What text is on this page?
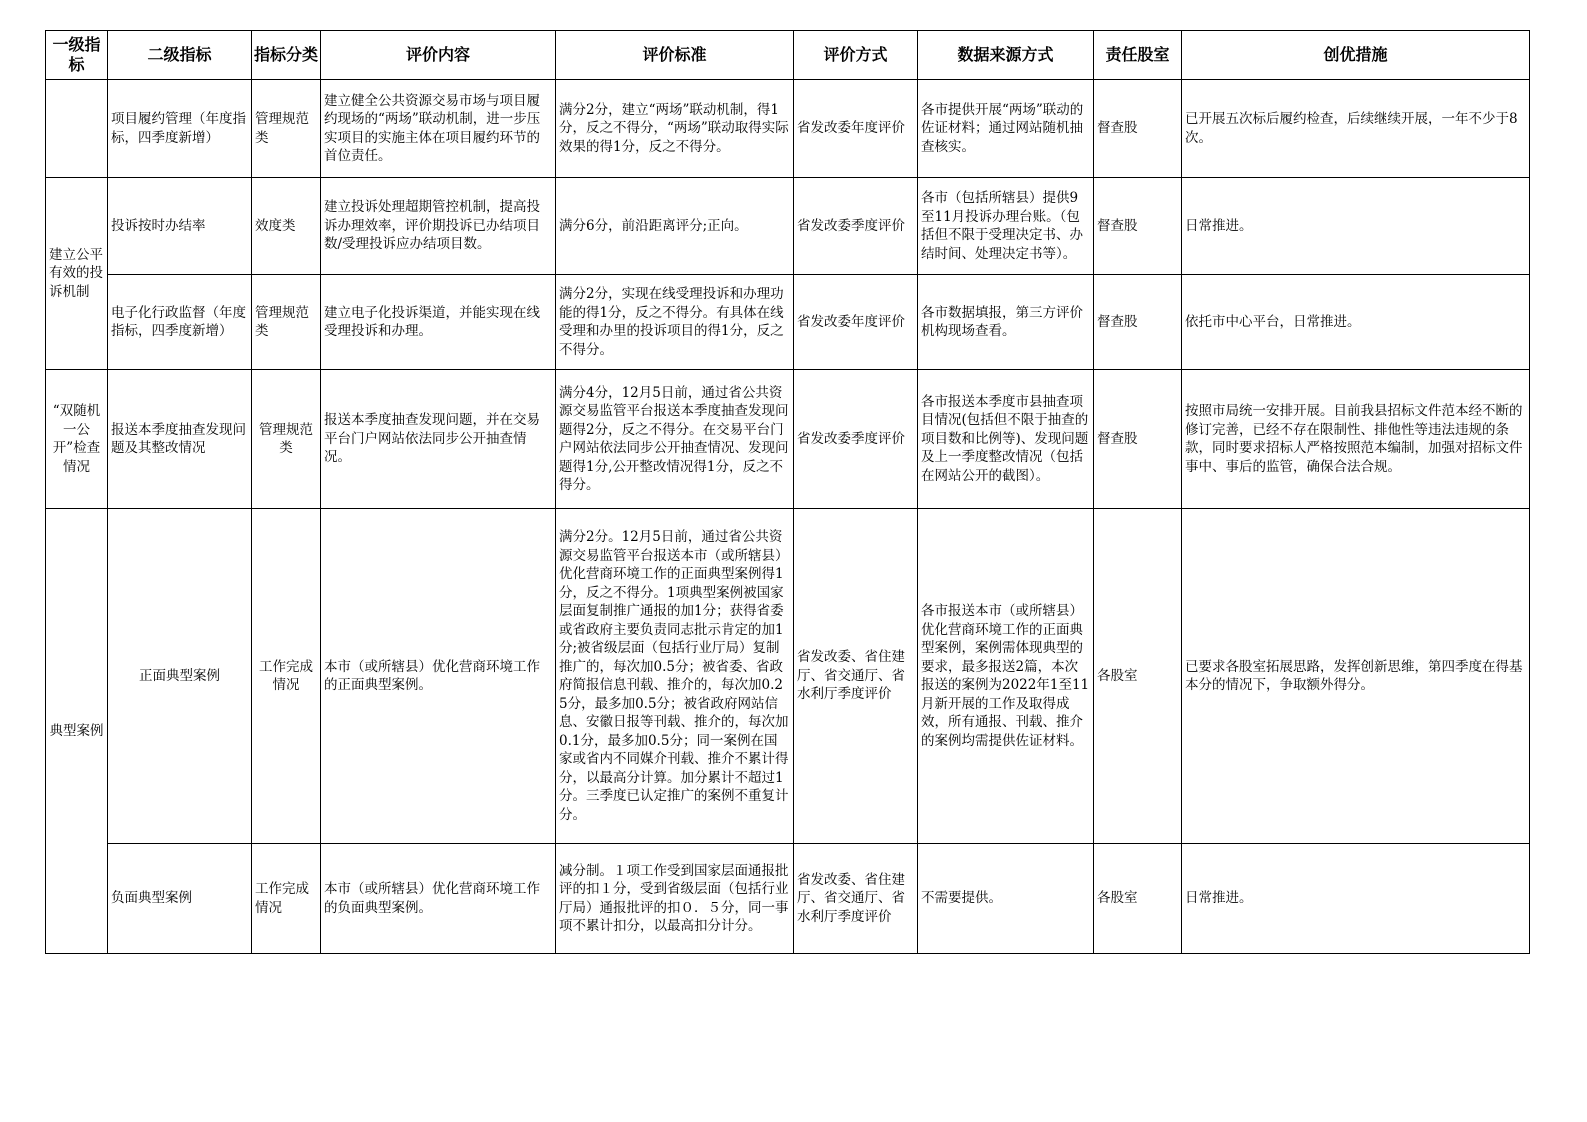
一级指标	二级指标	指标分类	评价内容	评价标准	评价方式	数据来源方式	责任股室	创优措施
	项目履约管理（年度指标，四季度新增）	管理规范类	建立健全公共资源交易市场与项目履约现场的“两场”联动机制，进一步压实项目的实施主体在项目履约环节的首位责任。	满分2分，建立“两场”联动机制，得1分，反之不得分，“两场”联动取得实际效果的得1分，反之不得分。	省发改委年度评价	各市提供开展“两场”联动的佐证材料；通过网站随机抽查核实。	督查股	已开展五次标后履约检查，后续继续开展，一年不少于8次。
建立公平有效的投诉机制	投诉按时办结率	效度类	建立投诉处理超期管控机制，提高投诉办理效率，评价期投诉已办结项目数/受理投诉应办结项目数。	满分6分，前沿距离评分;正向。	省发改委季度评价	各市（包括所辖县）提供9至11月投诉办理台账。（包括但不限于受理决定书、办结时间、处理决定书等）。	督查股	日常推进。
	电子化行政监督（年度指标，四季度新增）	管理规范类	建立电子化投诉渠道，并能实现在线受理投诉和办理。	满分2分，实现在线受理投诉和办理功能的得1分，反之不得分。有具体在线受理和办里的投诉项目的得1分，反之不得分。	省发改委年度评价	各市数据填报，第三方评价机构现场查看。	督查股	依托市中心平台，日常推进。
“双随机一公开”检查情况	报送本季度抽查发现问题及其整改情况	管理规范类	报送本季度抽查发现问题，并在交易平台门户网站依法同步公开抽查情况。	满分4分，12月5日前，通过省公共资源交易监管平台报送本季度抽查发现问题得2分，反之不得分。在交易平台门户网站依法同步公开抽查情况、发现问题得1分,公开整改情况得1分，反之不得分。	省发改委季度评价	各市报送本季度市县抽查项目情况(包括但不限于抽查的项目数和比例等)、发现问题及上一季度整改情况（包括在网站公开的截图）。	督查股	按照市局统一安排开展。目前我县招标文件范本经不断的修订完善，已经不存在限制性、排他性等违法违规的条款，同时要求招标人严格按照范本编制，加强对招标文件事中、事后的监管，确保合法合规。
典型案例	正面典型案例	工作完成情况	本市（或所辖县）优化营商环境工作的正面典型案例。	满分2分。12月5日前，通过省公共资源交易监管平台报送本市（或所辖县）优化营商环境工作的正面典型案例得1分，反之不得分。1项典型案例被国家层面复制推广通报的加1分；获得省委或省政府主要负责同志批示肯定的加1分;被省级层面（包括行业厅局）复制推广的，每次加0.5分；被省委、省政府简报信息刊载、推介的，每次加0.25分，最多加0.5分；被省政府网站信息、安徽日报等刊载、推介的，每次加0.1分，最多加0.5分；同一案例在国家或省内不同媒介刊载、推介不累计得分，以最高分计算。加分累计不超过1分。三季度已认定推广的案例不重复计分。	省发改委、省住建厅、省交通厅、省水利厅季度评价	各市报送本市（或所辖县）优化营商环境工作的正面典型案例，案例需体现典型的要求，最多报送2篇，本次报送的案例为2022年1至11月新开展的工作及取得成效，所有通报、刊载、推介的案例均需提供佐证材料。	各股室	已要求各股室拓展思路，发挥创新思维，第四季度在得基本分的情况下，争取额外得分。
	负面典型案例	工作完成情况	本市（或所辖县）优化营商环境工作的负面典型案例。	减分制。１项工作受到国家层面通报批评的扣１分，受到省级层面（包括行业厅局）通报批评的扣０．５分，同一事项不累计扣分，以最高扣分计分。	省发改委、省住建厅、省交通厅、省水利厅季度评价	不需要提供。	各股室	日常推进。
